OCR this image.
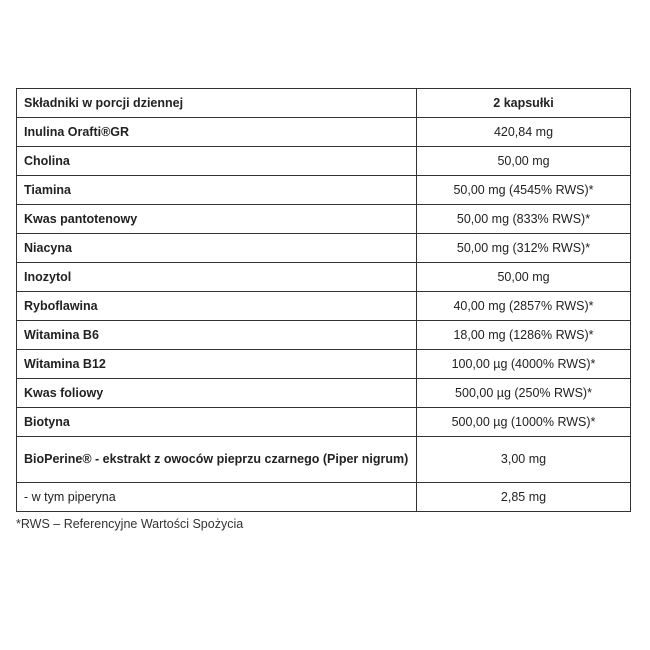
Składniki w porcji dziennej	2 kapsułki
Inulina Orafti®GR	420,84 mg
Cholina	50,00 mg
Tiamina	50,00 mg (4545% RWS)*
Kwas pantotenowy	50,00 mg (833% RWS)*
Niacyna	50,00 mg (312% RWS)*
Inozytol	50,00 mg
Ryboflawina	40,00 mg (2857% RWS)*
Witamina B6	18,00 mg (1286% RWS)*
Witamina B12	100,00 µg (4000% RWS)*
Kwas foliowy	500,00 µg (250% RWS)*
Biotyna	500,00 µg (1000% RWS)*
BioPerine® - ekstrakt z owoców pieprzu czarnego (Piper nigrum)	3,00 mg
- w tym piperyna	2,85 mg
*RWS – Referencyjne Wartości Spożycia
